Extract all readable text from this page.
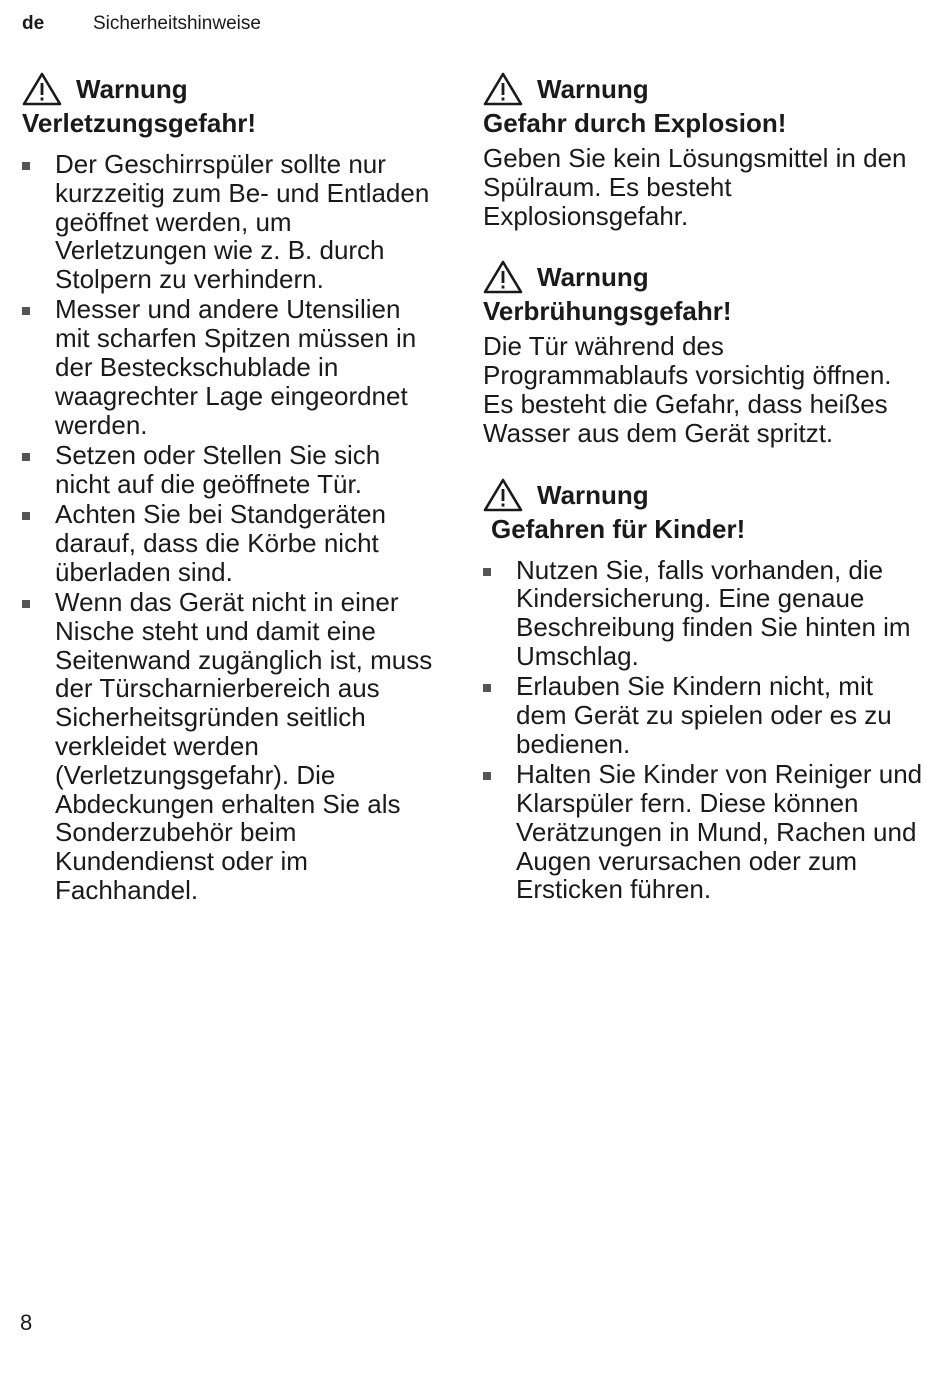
de	Sicherheitshinweise
Warnung
Verletzungsgefahr!
Der Geschirrspüler sollte nur kurzzeitig zum Be- und Entladen geöffnet werden, um Verletzungen wie z. B. durch Stolpern zu verhindern.
Messer und andere Utensilien mit scharfen Spitzen müssen in der Besteckschublade in waagrechter Lage eingeordnet werden.
Setzen oder Stellen Sie sich nicht auf die geöffnete Tür.
Achten Sie bei Standgeräten darauf, dass die Körbe nicht überladen sind.
Wenn das Gerät nicht in einer Nische steht und damit eine Seitenwand zugänglich ist, muss der Türscharnierbereich aus Sicherheitsgründen seitlich verkleidet werden (Verletzungsgefahr). Die Abdeckungen erhalten Sie als Sonderzubehör beim Kundendienst oder im Fachhandel.
Warnung
Gefahr durch Explosion!

Geben Sie kein Lösungsmittel in den Spülraum. Es besteht Explosionsgefahr.

Warnung
Verbrühungsgefahr!

Die Tür während des Programmablaufs vorsichtig öffnen. Es besteht die Gefahr, dass heißes Wasser aus dem Gerät spritzt.

Warnung
Gefahren für Kinder!
Nutzen Sie, falls vorhanden, die Kindersicherung. Eine genaue Beschreibung finden Sie hinten im Umschlag.
Erlauben Sie Kindern nicht, mit dem Gerät zu spielen oder es zu bedienen.
Halten Sie Kinder von Reiniger und Klarspüler fern. Diese können Verätzungen in Mund, Rachen und Augen verursachen oder zum Ersticken führen.
8
